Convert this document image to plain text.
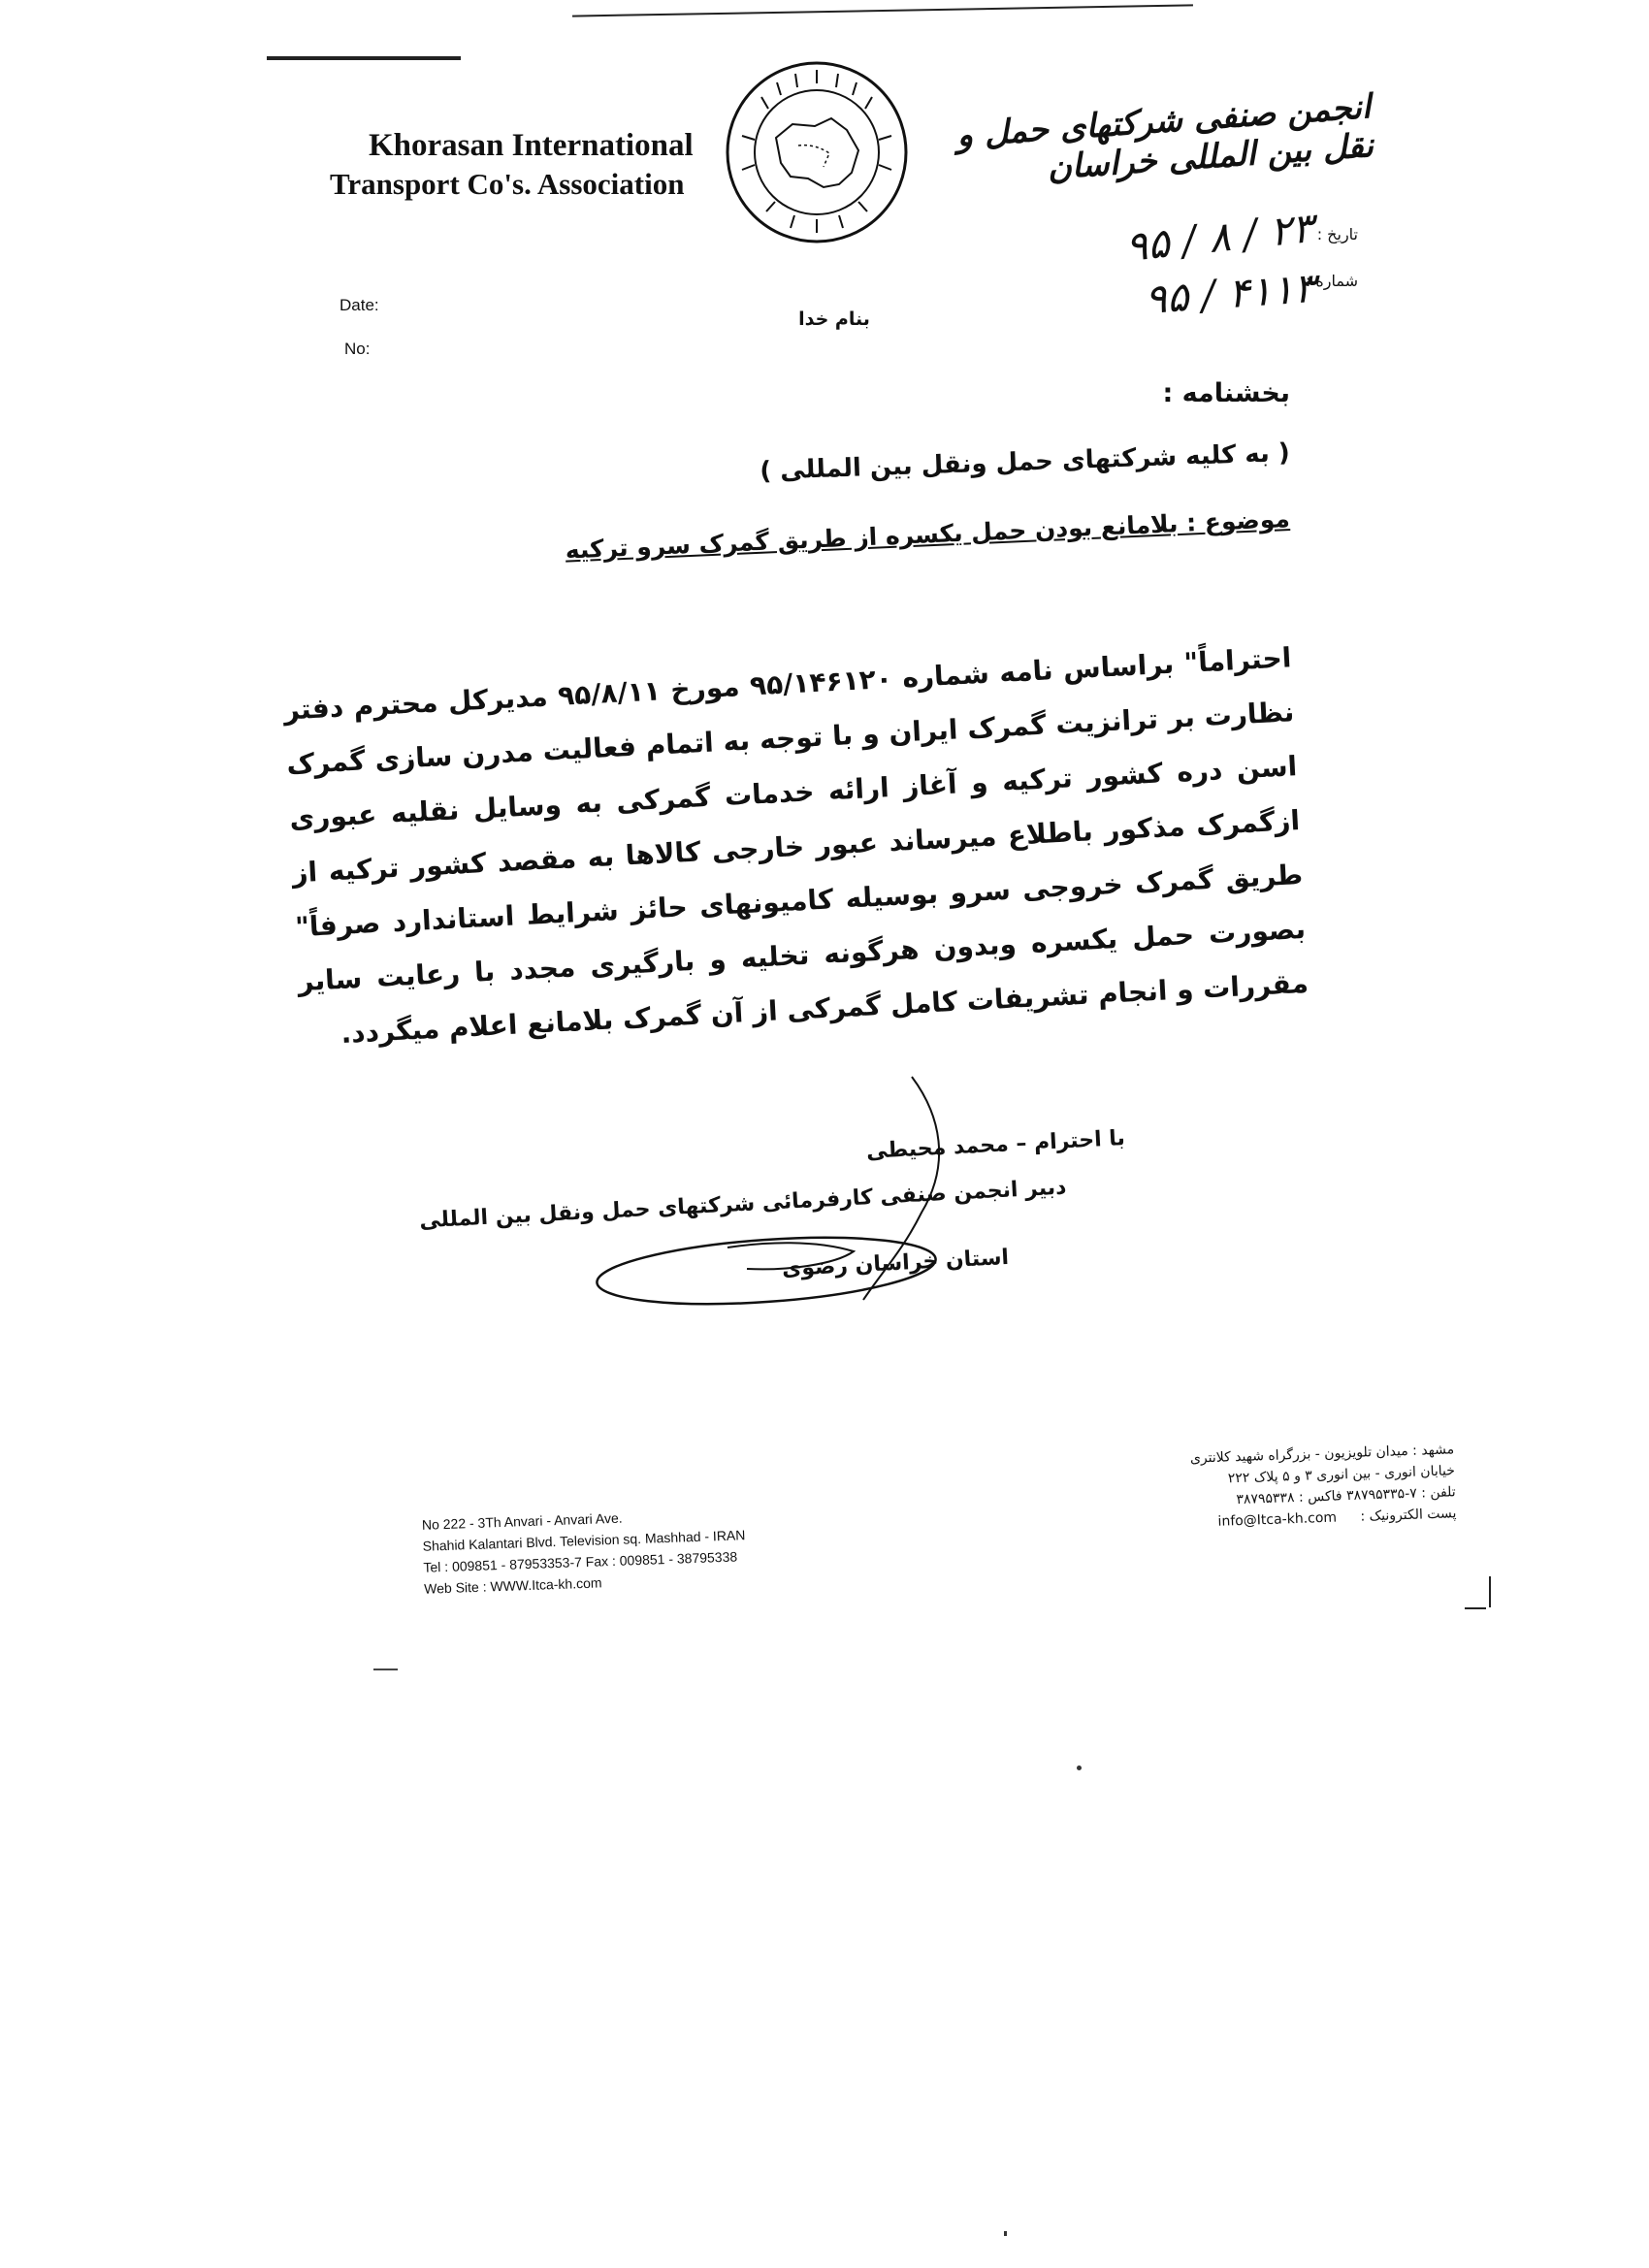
Khorasan International
Transport Co's. Association
انجمن صنفی شرکتهای حمل و نقل بین المللی خراسان
Date:
No:
تاریخ :
شماره :
۹۵ / ۸ / ۲۳
۹۵ / ۴۱۱۳
بنام خدا
بخشنامه :
( به کلیه شرکتهای حمل ونقل بین المللی )
موضوع : بلامانع بودن حمل یکسره از طریق گمرک سرو ترکیه

احتراماً" براساس نامه شماره ۹۵/۱۴۶۱۲۰ مورخ ۹۵/۸/۱۱ مدیرکل محترم دفتر نظارت بر ترانزیت گمرک ایران و با توجه به اتمام فعالیت مدرن سازی گمرک اسن دره کشور ترکیه و آغاز ارائه خدمات گمرکی به وسایل نقلیه عبوری ازگمرک مذکور باطلاع میرساند عبور خارجی کالاها به مقصد کشور ترکیه از طریق گمرک خروجی سرو بوسیله کامیونهای حائز شرایط استاندارد صرفاً" بصورت حمل یکسره وبدون هرگونه تخلیه و بارگیری مجدد با رعایت سایر مقررات و انجام تشریفات کامل گمرکی از آن گمرک بلامانع اعلام میگردد.

با احترام – محمد محیطی
دبیر انجمن صنفی کارفرمائی شرکتهای حمل ونقل بین المللی
استان خراسان رضوی
No 222 - 3Th Anvari - Anvari Ave.
Shahid Kalantari Blvd. Television sq. Mashhad - IRAN
Tel : 009851 - 87953353-7 Fax : 009851 - 38795338
Web Site : WWW.Itca-kh.com
مشهد : میدان تلویزیون - بزرگراه شهید کلانتری
خیابان انوری - بین انوری ۳ و ۵ پلاک ۲۲۲
تلفن : ۷-۳۸۷۹۵۳۳۵ فاکس : ۳۸۷۹۵۳۳۸
پست الکترونیک : info@Itca-kh.com
